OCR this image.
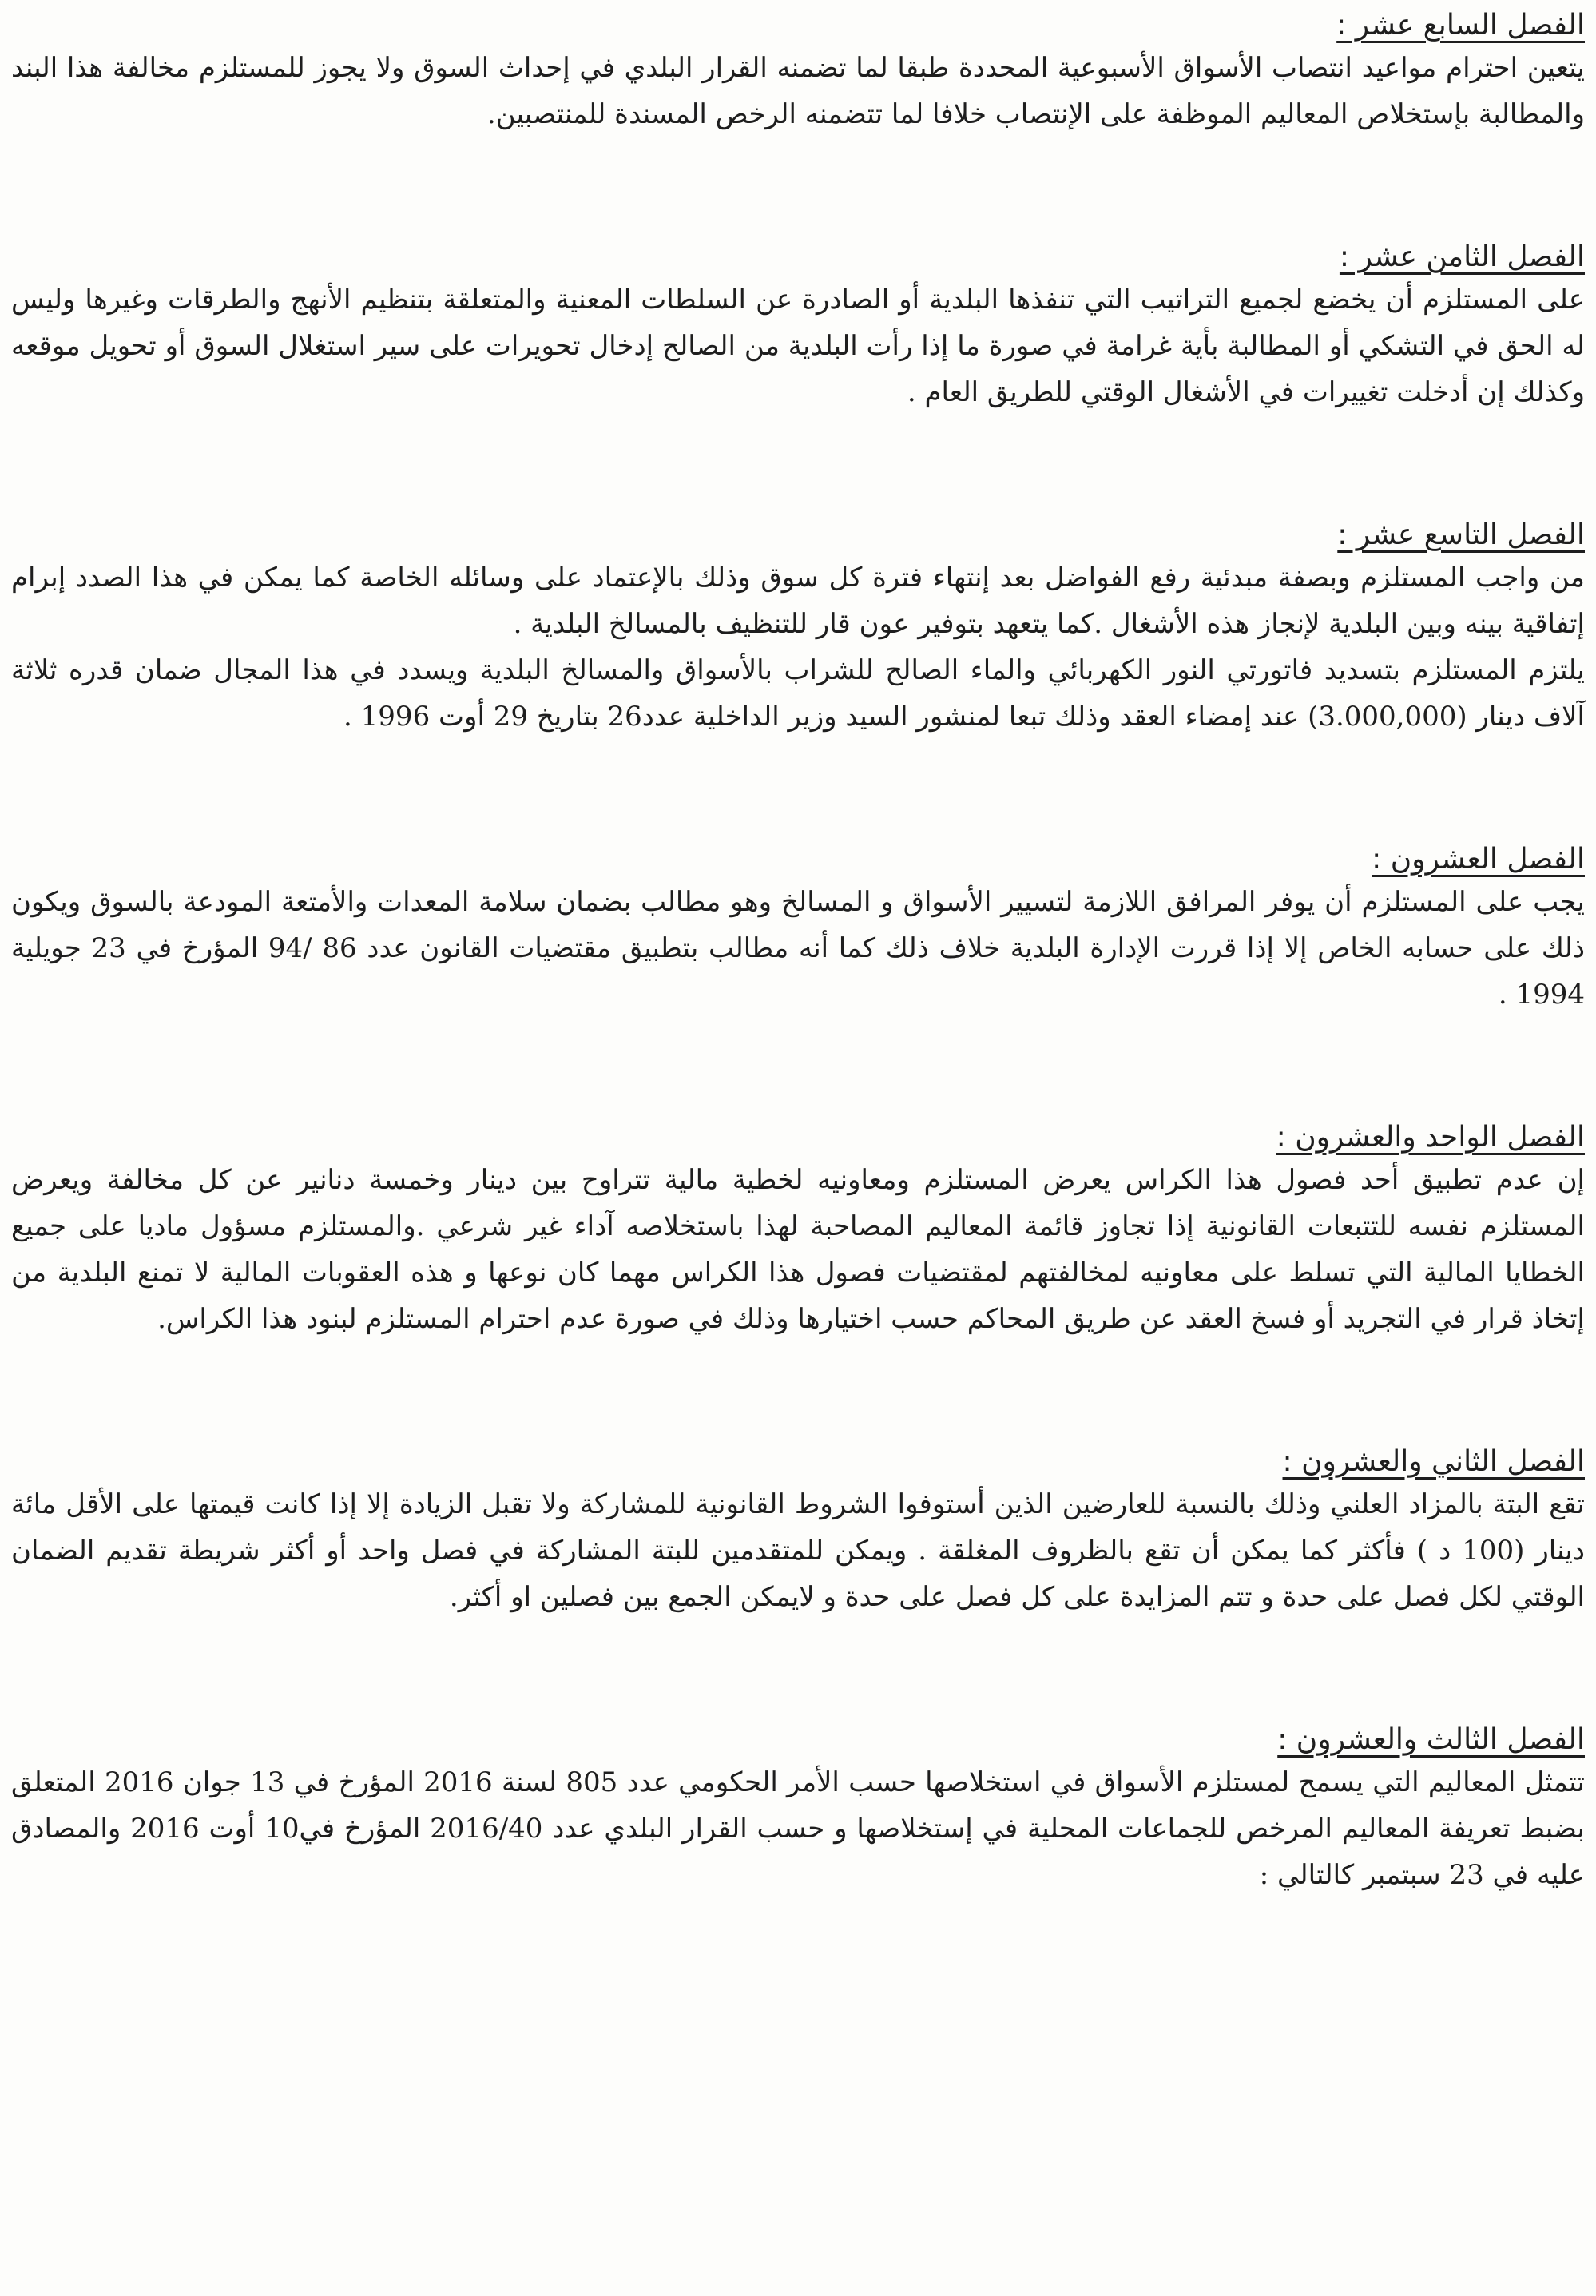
الفصل السابع عشر :

يتعين احترام مواعيد انتصاب الأسواق الأسبوعية المحددة طبقا لما تضمنه القرار البلدي في إحداث السوق ولا يجوز للمستلزم مخالفة هذا البند والمطالبة بإستخلاص المعاليم الموظفة على الإنتصاب خلافا لما تتضمنه الرخص المسندة للمنتصبين.

الفصل الثامن عشر :

على المستلزم أن يخضع لجميع التراتيب التي تنفذها البلدية أو الصادرة عن السلطات المعنية والمتعلقة بتنظيم الأنهج والطرقات وغيرها وليس له الحق في التشكي أو المطالبة بأية غرامة في صورة ما إذا رأت البلدية من الصالح إدخال تحويرات على سير استغلال السوق أو تحويل موقعه وكذلك إن أدخلت تغييرات في الأشغال الوقتي للطريق العام .

الفصل التاسع عشر :

من واجب المستلزم وبصفة مبدئية رفع الفواضل بعد إنتهاء فترة كل سوق وذلك بالإعتماد على وسائله الخاصة كما يمكن في هذا الصدد إبرام إتفاقية بينه وبين البلدية لإنجاز هذه الأشغال .كما يتعهد بتوفير عون قار للتنظيف بالمسالخ البلدية .

يلتزم المستلزم بتسديد فاتورتي النور الكهربائي والماء الصالح للشراب بالأسواق والمسالخ البلدية ويسدد في هذا المجال ضمان قدره ثلاثة آلاف دينار (3.000,000) عند إمضاء العقد وذلك تبعا لمنشور السيد وزير الداخلية عدد26 بتاريخ 29 أوت 1996 .

الفصل العشرون :

يجب على المستلزم أن يوفر المرافق اللازمة لتسيير الأسواق و المسالخ وهو مطالب بضمان سلامة المعدات والأمتعة المودعة بالسوق ويكون ذلك على حسابه الخاص إلا إذا قررت الإدارة البلدية خلاف ذلك كما أنه مطالب بتطبيق مقتضيات القانون عدد 86 /94 المؤرخ في 23 جويلية 1994 .

الفصل الواحد والعشرون :

إن عدم تطبيق أحد فصول هذا الكراس يعرض المستلزم ومعاونيه لخطية مالية تتراوح بين دينار وخمسة دنانير عن كل مخالفة ويعرض المستلزم نفسه للتتبعات القانونية إذا تجاوز قائمة المعاليم المصاحبة لهذا باستخلاصه آداء غير شرعي .والمستلزم مسؤول ماديا على جميع الخطايا المالية التي تسلط على معاونيه لمخالفتهم لمقتضيات فصول هذا الكراس مهما كان نوعها و هذه العقوبات المالية لا تمنع البلدية من إتخاذ قرار في التجريد أو فسخ العقد عن طريق المحاكم حسب اختيارها وذلك في صورة عدم احترام المستلزم لبنود هذا الكراس.

الفصل الثاني والعشرون :

تقع البتة بالمزاد العلني وذلك بالنسبة للعارضين الذين أستوفوا الشروط القانونية للمشاركة ولا تقبل الزيادة إلا إذا كانت قيمتها على الأقل مائة دينار (100 د ) فأكثر كما يمكن أن تقع بالظروف المغلقة . ويمكن للمتقدمين للبتة المشاركة في فصل واحد أو أكثر شريطة تقديم الضمان الوقتي لكل فصل على حدة و تتم المزايدة على كل فصل على حدة و لايمكن الجمع بين فصلين او أكثر.

الفصل الثالث والعشرون :

تتمثل المعاليم التي يسمح لمستلزم الأسواق في استخلاصها حسب الأمر الحكومي عدد 805 لسنة 2016 المؤرخ في 13 جوان 2016 المتعلق بضبط تعريفة المعاليم المرخص للجماعات المحلية في إستخلاصها و حسب القرار البلدي عدد 2016/40 المؤرخ في10 أوت 2016 والمصادق عليه في 23 سبتمبر كالتالي :
